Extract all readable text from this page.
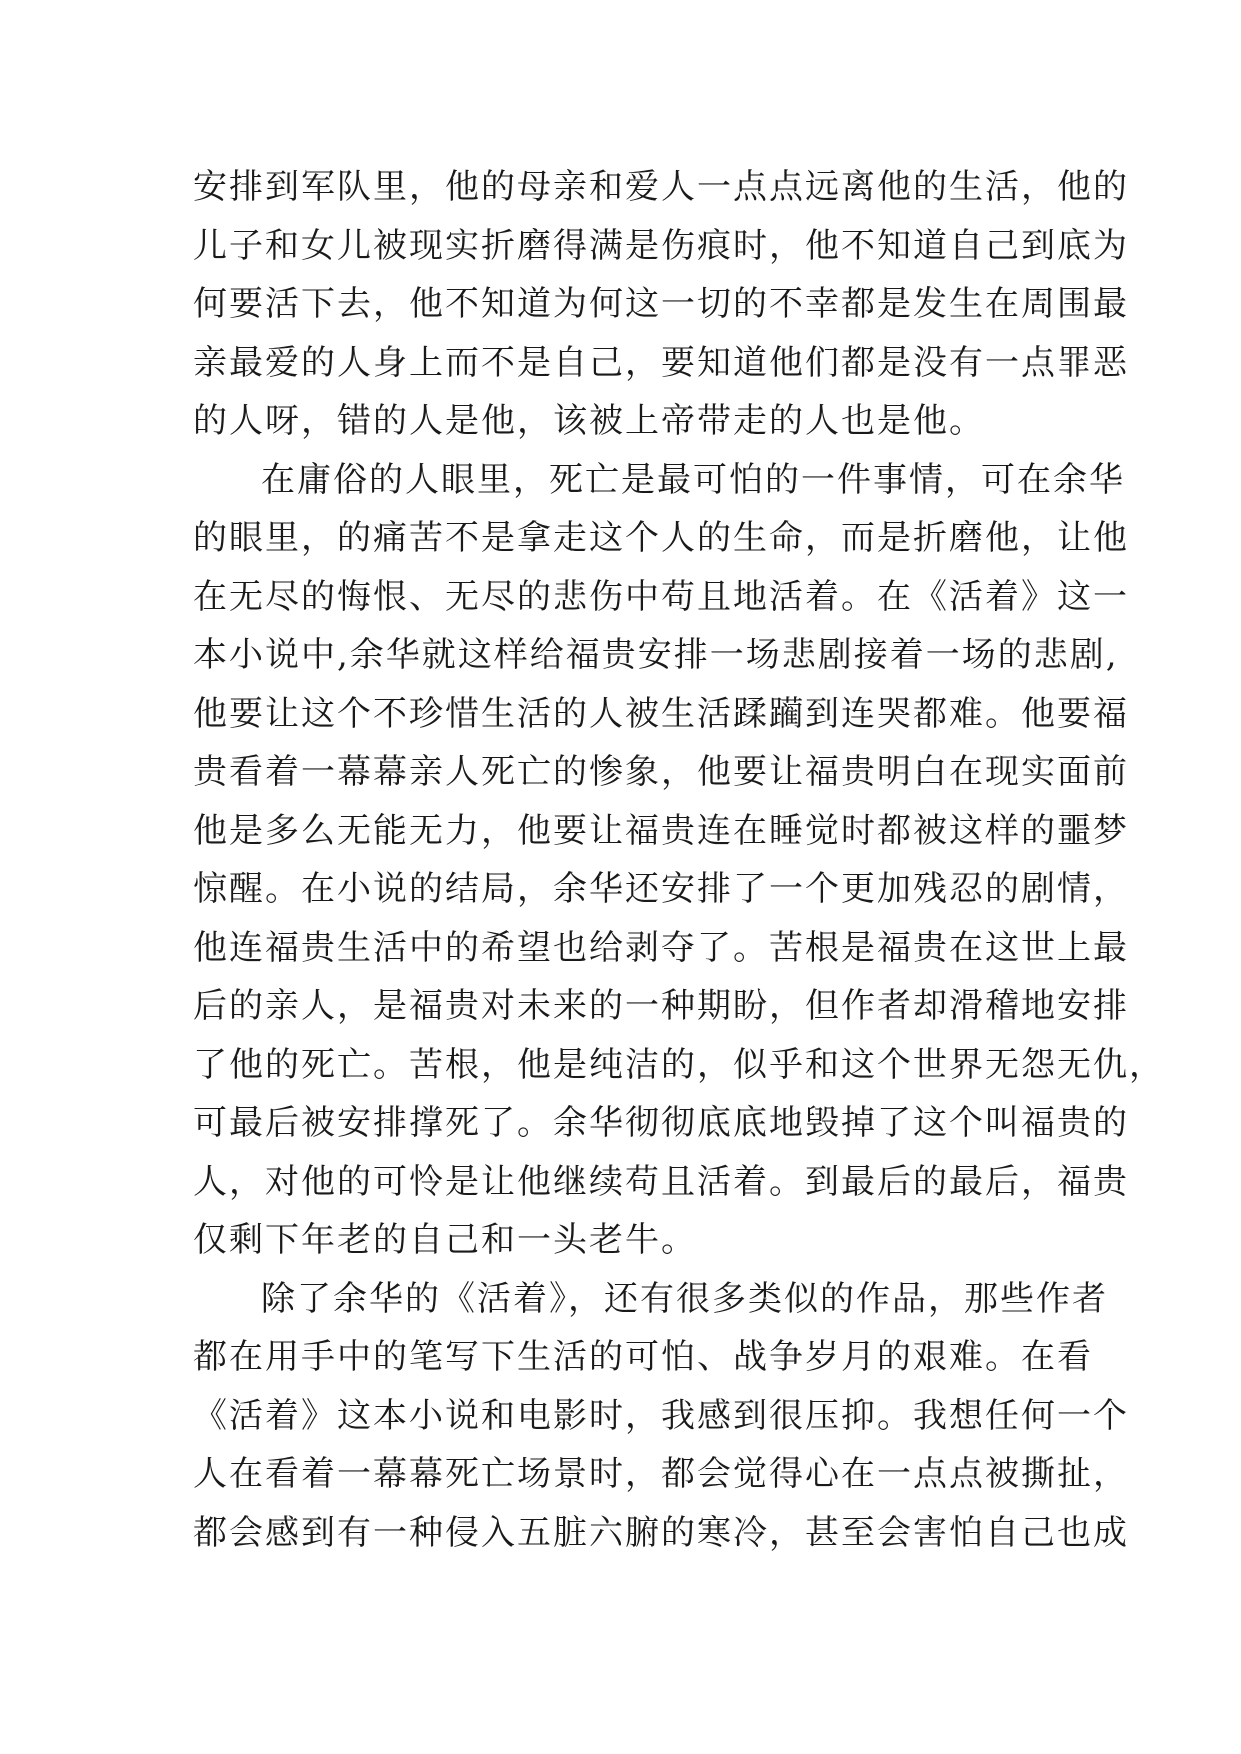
安排到军队里，他的母亲和爱人一点点远离他的生活，他的
儿子和女儿被现实折磨得满是伤痕时，他不知道自己到底为
何要活下去，他不知道为何这一切的不幸都是发生在周围最
亲最爱的人身上而不是自己，要知道他们都是没有一点罪恶
的人呀，错的人是他，该被上帝带走的人也是他。
在庸俗的人眼里，死亡是最可怕的一件事情，可在余华
的眼里，的痛苦不是拿走这个人的生命，而是折磨他，让他
在无尽的悔恨、无尽的悲伤中苟且地活着。在《活着》这一
本小说中,余华就这样给福贵安排一场悲剧接着一场的悲剧,
他要让这个不珍惜生活的人被生活蹂躏到连哭都难。他要福
贵看着一幕幕亲人死亡的惨象，他要让福贵明白在现实面前
他是多么无能无力，他要让福贵连在睡觉时都被这样的噩梦
惊醒。在小说的结局，余华还安排了一个更加残忍的剧情，
他连福贵生活中的希望也给剥夺了。苦根是福贵在这世上最
后的亲人，是福贵对未来的一种期盼，但作者却滑稽地安排
了他的死亡。苦根，他是纯洁的，似乎和这个世界无怨无仇，
可最后被安排撑死了。余华彻彻底底地毁掉了这个叫福贵的
人，对他的可怜是让他继续苟且活着。到最后的最后，福贵
仅剩下年老的自己和一头老牛。
除了余华的《活着》，还有很多类似的作品，那些作者
都在用手中的笔写下生活的可怕、战争岁月的艰难。在看
《活着》这本小说和电影时，我感到很压抑。我想任何一个
人在看着一幕幕死亡场景时，都会觉得心在一点点被撕扯，
都会感到有一种侵入五脏六腑的寒冷，甚至会害怕自己也成
